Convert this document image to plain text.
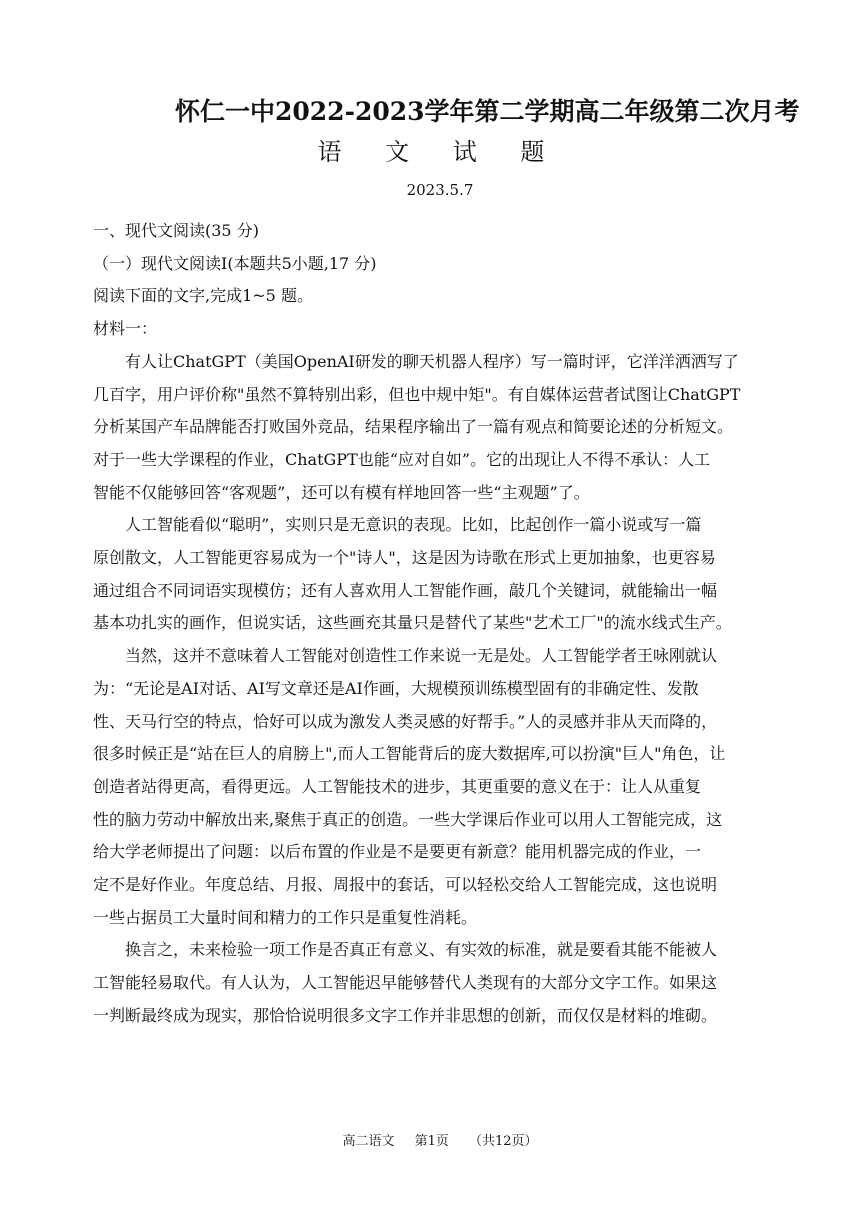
怀仁一中2022-2023学年第二学期高二年级第二次月考
语 文 试 题
2023.5.7

一、现代文阅读(35 分)

（一）现代文阅读I(本题共5小题,17 分)

阅读下面的文字,完成1~5 题。

材料一：

有人让ChatGPT（美国OpenAI研发的聊天机器人程序）写一篇时评，它洋洋洒洒写了

几百字，用户评价称"虽然不算特别出彩，但也中规中矩"。有自媒体运营者试图让ChatGPT

分析某国产车品牌能否打败国外竞品，结果程序输出了一篇有观点和简要论述的分析短文。

对于一些大学课程的作业，ChatGPT也能“应对自如”。它的出现让人不得不承认：人工

智能不仅能够回答“客观题”，还可以有模有样地回答一些“主观题”了。

人工智能看似“聪明”，实则只是无意识的表现。比如，比起创作一篇小说或写一篇

原创散文，人工智能更容易成为一个"诗人"，这是因为诗歌在形式上更加抽象，也更容易

通过组合不同词语实现模仿；还有人喜欢用人工智能作画，敲几个关键词，就能输出一幅

基本功扎实的画作，但说实话，这些画充其量只是替代了某些"艺术工厂"的流水线式生产。

当然，这并不意味着人工智能对创造性工作来说一无是处。人工智能学者王咏刚就认

为：“无论是AI对话、AI写文章还是AI作画，大规模预训练模型固有的非确定性、发散

性、天马行空的特点，恰好可以成为激发人类灵感的好帮手。”人的灵感并非从天而降的，

很多时候正是“站在巨人的肩膀上",而人工智能背后的庞大数据库,可以扮演"巨人"角色，让

创造者站得更高，看得更远。人工智能技术的进步，其更重要的意义在于：让人从重复

性的脑力劳动中解放出来,聚焦于真正的创造。一些大学课后作业可以用人工智能完成，这

给大学老师提出了问题：以后布置的作业是不是要更有新意？能用机器完成的作业，一

定不是好作业。年度总结、月报、周报中的套话，可以轻松交给人工智能完成，这也说明

一些占据员工大量时间和精力的工作只是重复性消耗。

换言之，未来检验一项工作是否真正有意义、有实效的标准，就是要看其能不能被人

工智能轻易取代。有人认为，人工智能迟早能够替代人类现有的大部分文字工作。如果这

一判断最终成为现实，那恰恰说明很多文字工作并非思想的创新，而仅仅是材料的堆砌。

高二语文 第1页 （共12页）
